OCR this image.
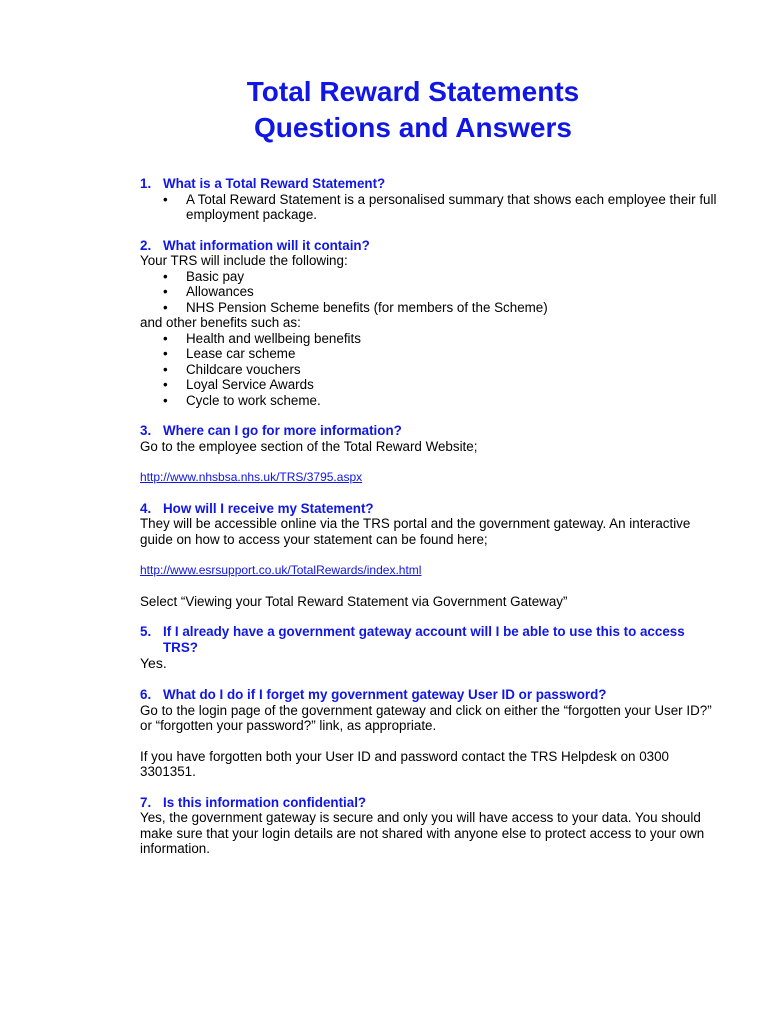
Total Reward Statements
Questions and Answers
1. What is a Total Reward Statement?
• A Total Reward Statement is a personalised summary that shows each employee their full employment package.
2. What information will it contain?

Your TRS will include the following:

• Basic pay
• Allowances
• NHS Pension Scheme benefits (for members of the Scheme)

and other benefits such as:

• Health and wellbeing benefits
• Lease car scheme
• Childcare vouchers
• Loyal Service Awards
• Cycle to work scheme.
3. Where can I go for more information?

Go to the employee section of the Total Reward Website;

http://www.nhsbsa.nhs.uk/TRS/3795.aspx
4. How will I receive my Statement?

They will be accessible online via the TRS portal and the government gateway. An interactive guide on how to access your statement can be found here;

http://www.esrsupport.co.uk/TotalRewards/index.html

Select “Viewing your Total Reward Statement via Government Gateway”

5. If I already have a government gateway account will I be able to use this to access TRS?

Yes.

6. What do I do if I forget my government gateway User ID or password?

Go to the login page of the government gateway and click on either the “forgotten your User ID?” or “forgotten your password?” link, as appropriate.

If you have forgotten both your User ID and password contact the TRS Helpdesk on 0300 3301351.

7. Is this information confidential?

Yes, the government gateway is secure and only you will have access to your data. You should make sure that your login details are not shared with anyone else to protect access to your own information.
